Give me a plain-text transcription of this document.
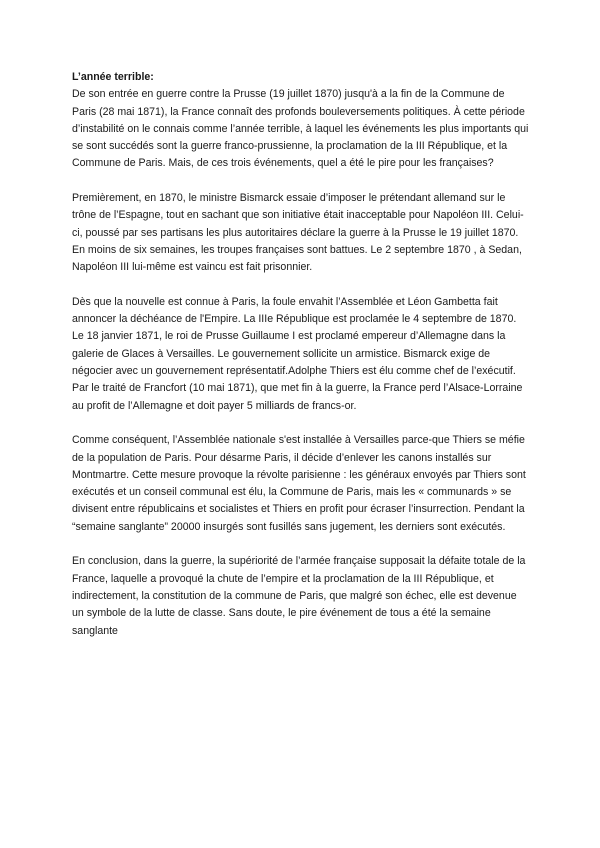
L’année terrible:

De son entrée en guerre contre la Prusse (19 juillet 1870) jusqu'à a la fin de la Commune de Paris (28 mai 1871), la France connaît des profonds bouleversements politiques. À cette période d’instabilité on le connais comme l’année terrible, à laquel les événements les plus importants qui se sont succédés sont la guerre franco-prussienne, la proclamation de la III République, et la Commune de Paris. Mais, de ces trois événements, quel a été le pire pour les françaises?

Premièrement, en 1870, le ministre Bismarck essaie d’imposer le prétendant allemand sur le trône de l’Espagne, tout en sachant que son initiative était inacceptable pour Napoléon III. Celui-ci, poussé par ses partisans les plus autoritaires déclare la guerre à la Prusse le 19 juillet 1870. En moins de six semaines, les troupes françaises sont battues. Le 2 septembre 1870 , à Sedan, Napoléon III lui-même est vaincu est fait prisonnier.

Dès que la nouvelle est connue à Paris, la foule envahit l’Assemblée et Léon Gambetta fait annoncer la déchéance de l'Empire. La IIIe République est proclamée le 4 septembre de 1870. Le 18 janvier 1871, le roi de Prusse Guillaume I est proclamé empereur d’Allemagne dans la galerie de Glaces à Versailles. Le gouvernement sollicite un armistice. Bismarck exige de négocier avec un gouvernement représentatif.Adolphe Thiers est élu comme chef de l’exécutif. Par le traité de Francfort (10 mai 1871), que met fin à la guerre, la France perd l’Alsace-Lorraine au profit de l’Allemagne et doit payer 5 milliards de francs-or.

Comme conséquent, l’Assemblée nationale s'est installée à Versailles parce-que Thiers se méfie de la population de Paris. Pour désarme Paris, il décide d’enlever les canons installés sur Montmartre. Cette mesure provoque la révolte parisienne : les généraux envoyés par Thiers sont exécutés et un conseil communal est élu, la Commune de Paris, mais les « communards » se divisent entre républicains et socialistes et Thiers en profit pour écraser l’insurrection. Pendant la “semaine sanglante” 20000 insurgés sont fusillés sans jugement, les derniers sont exécutés.

En conclusion, dans la guerre, la supériorité de l’armée française supposait la défaite totale de la France, laquelle a provoqué la chute de l’empire et la proclamation de la III République, et indirectement, la constitution de la commune de Paris, que malgré son échec, elle est devenue un symbole de la lutte de classe. Sans doute, le pire événement de tous a été la semaine sanglante
